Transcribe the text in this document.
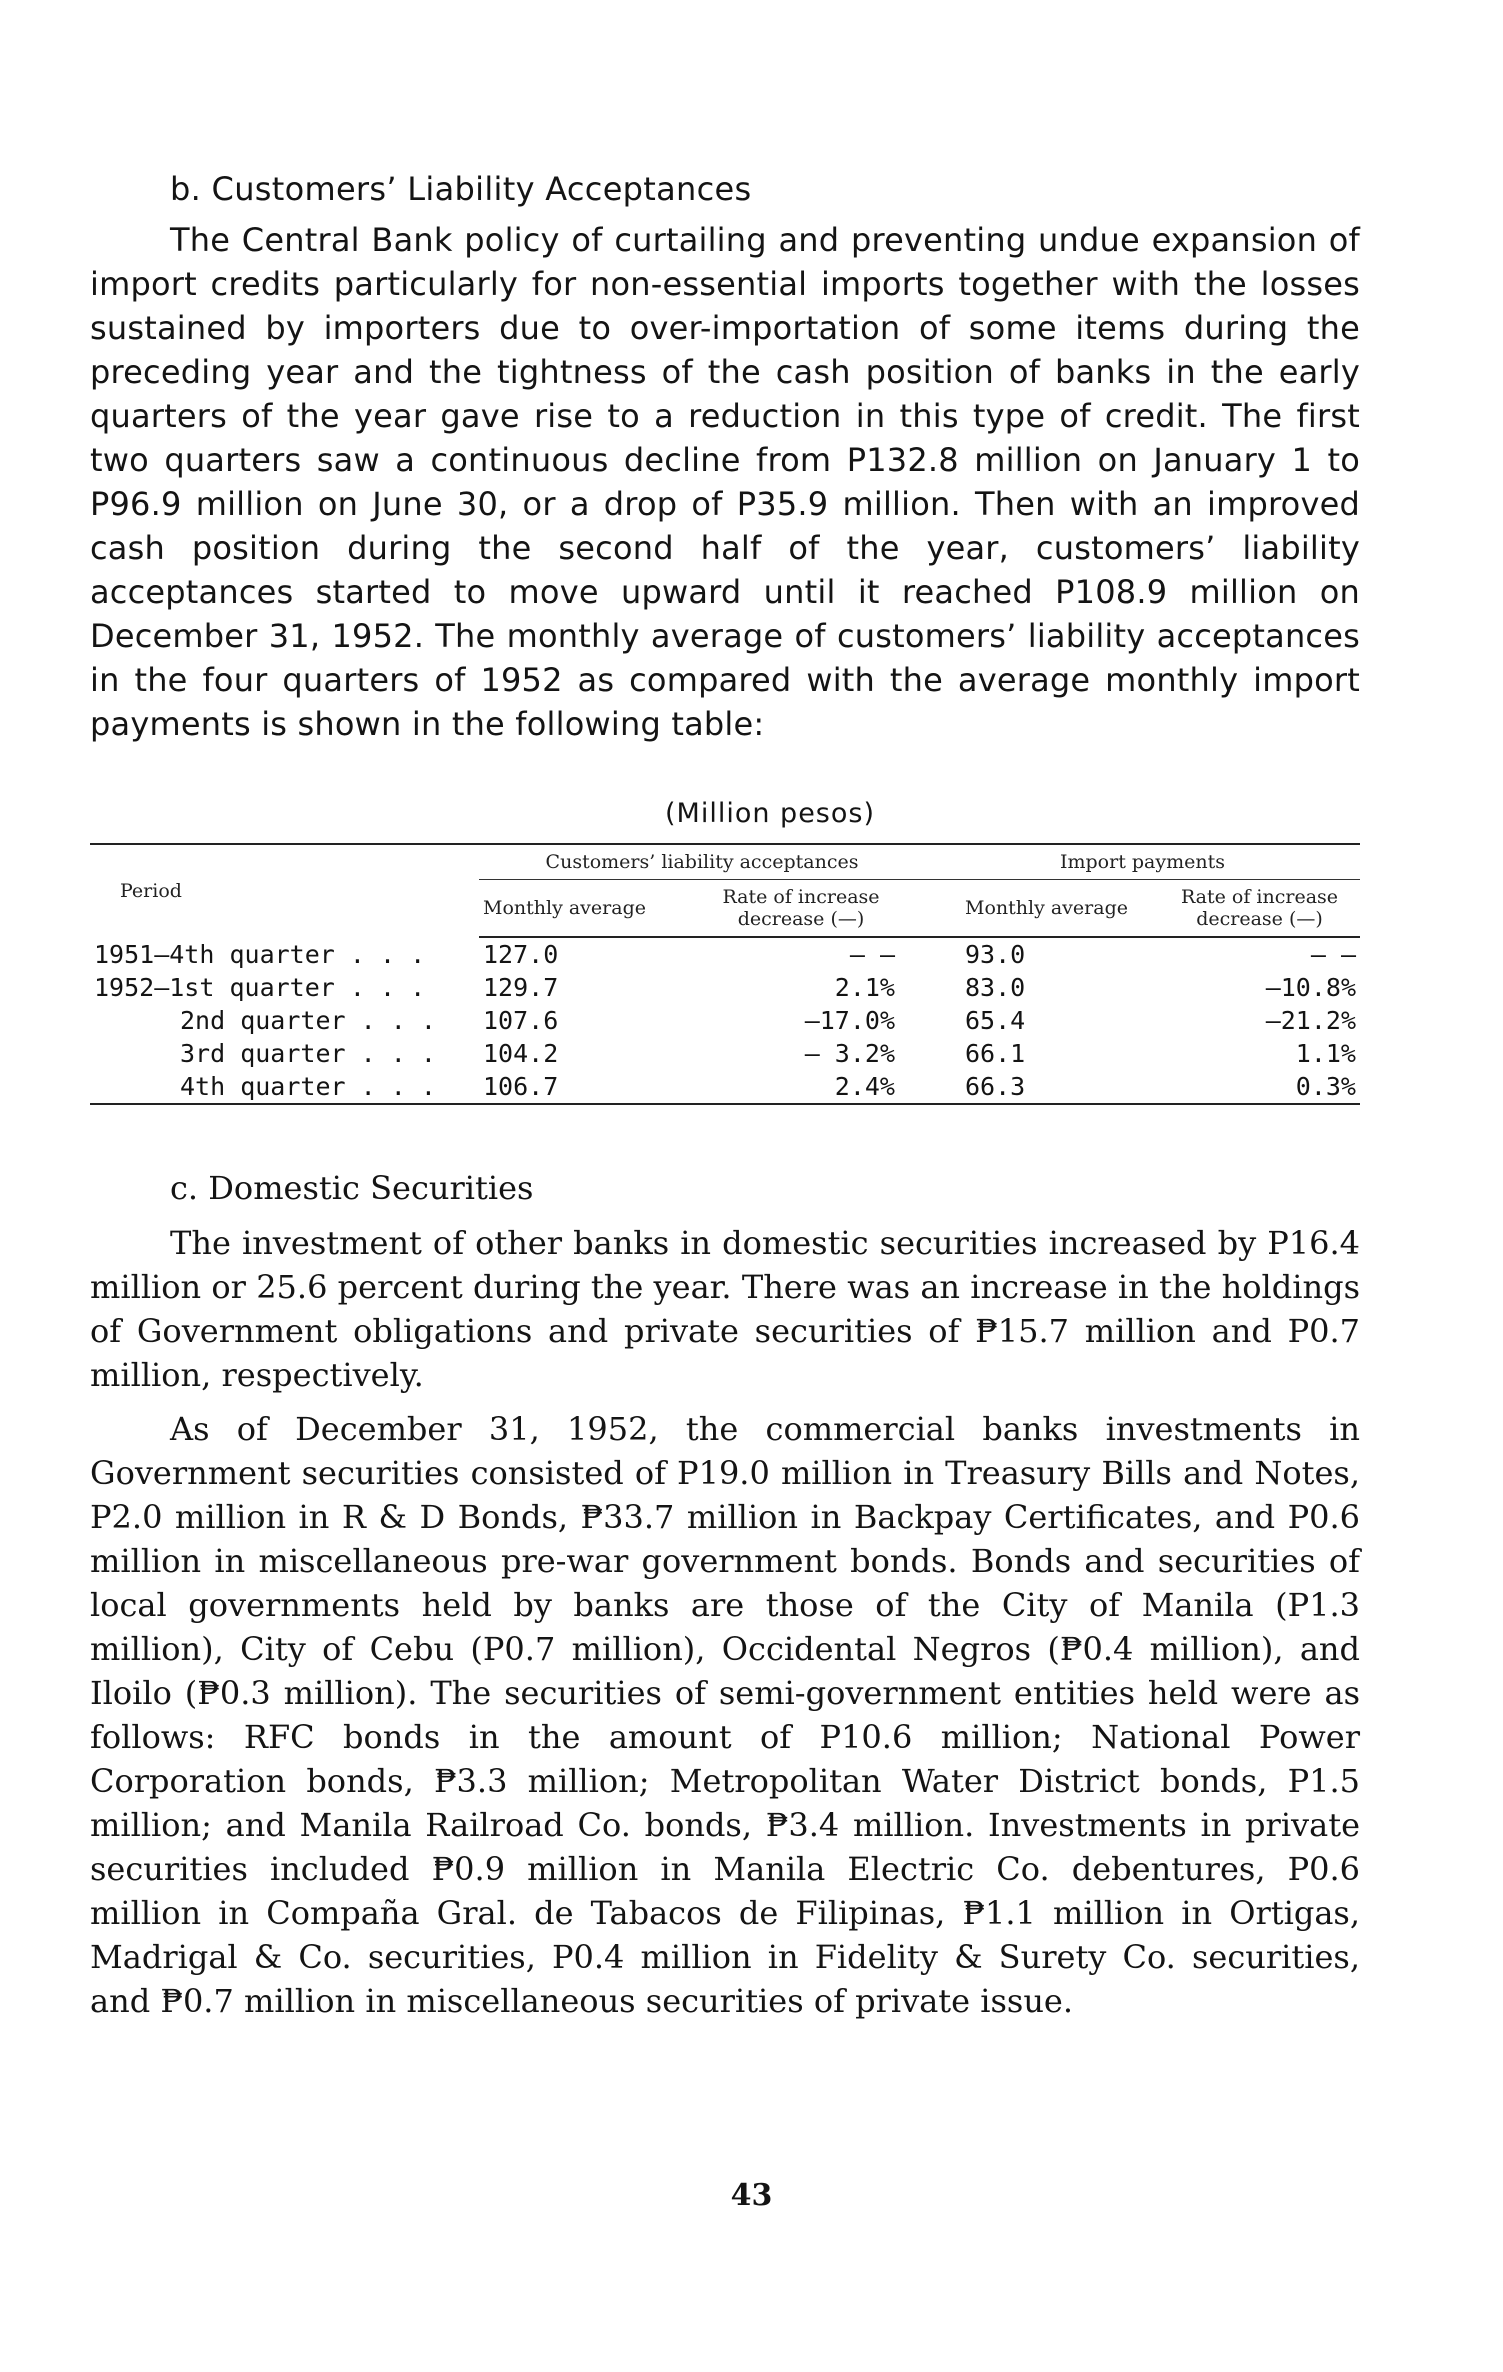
b. Customers’ Liability Acceptances

The Central Bank policy of curtailing and preventing undue expansion of import credits particularly for non-essential imports together with the losses sustained by importers due to over-importation of some items during the preceding year and the tightness of the cash position of banks in the early quarters of the year gave rise to a reduction in this type of credit. The first two quarters saw a continuous decline from P132.8 million on January 1 to P96.9 million on June 30, or a drop of P35.9 million. Then with an improved cash position during the second half of the year, customers’ liability acceptances started to move upward until it reached P108.9 million on December 31, 1952. The monthly average of customers’ liability acceptances in the four quarters of 1952 as compared with the average monthly import payments is shown in the following table:

(Million pesos)
Period	Customers’ liability acceptances		Import payments	
	Monthly average	Rate of increase decrease (—)	Monthly average	Rate of increase decrease (—)
1951—4th quarter . . .	127.0	— —	93.0	— —
1952—1st quarter . . .	129.7	2.1%	83.0	—10.8%
2nd quarter . . .	107.6	—17.0%	65.4	—21.2%
3rd quarter . . .	104.2	— 3.2%	66.1	1.1%
4th quarter . . .	106.7	2.4%	66.3	0.3%
c. Domestic Securities

The investment of other banks in domestic securities increased by P16.4 million or 25.6 percent during the year. There was an increase in the holdings of Government obligations and private securities of ₱15.7 million and P0.7 million, respectively.

As of December 31, 1952, the commercial banks investments in Government securities consisted of P19.0 million in Treasury Bills and Notes, P2.0 million in R & D Bonds, ₱33.7 million in Backpay Certificates, and P0.6 million in miscellaneous pre-war government bonds. Bonds and securities of local governments held by banks are those of the City of Manila (P1.3 million), City of Cebu (P0.7 million), Occidental Negros (₱0.4 million), and Iloilo (₱0.3 million). The securities of semi-government entities held were as follows: RFC bonds in the amount of P10.6 million; National Power Corporation bonds, ₱3.3 million; Metropolitan Water District bonds, P1.5 million; and Manila Railroad Co. bonds, ₱3.4 million. Investments in private securities included ₱0.9 million in Manila Electric Co. debentures, P0.6 million in Compaña Gral. de Tabacos de Filipinas, ₱1.1 million in Ortigas, Madrigal & Co. securities, P0.4 million in Fidelity & Surety Co. securities, and ₱0.7 million in miscellaneous securities of private issue.

43
